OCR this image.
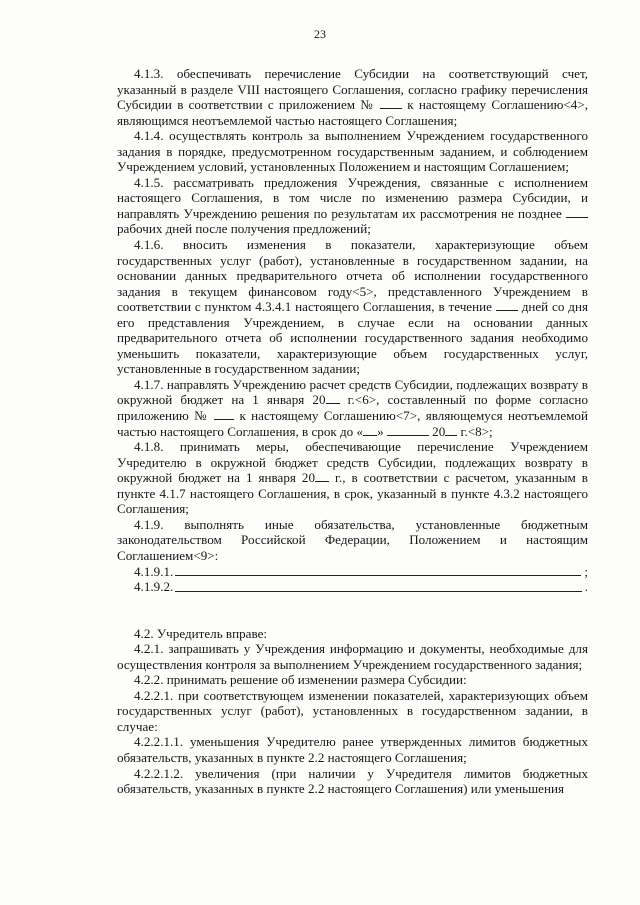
23

4.1.3. обеспечивать перечисление Субсидии на соответствующий счет, указанный в разделе VIII настоящего Соглашения, согласно графику перечисления Субсидии в соответствии с приложением № к настоящему Соглашению<4>, являющимся неотъемлемой частью настоящего Соглашения;

4.1.4. осуществлять контроль за выполнением Учреждением государственного задания в порядке, предусмотренном государственным заданием, и соблюдением Учреждением условий, установленных Положением и настоящим Соглашением;

4.1.5. рассматривать предложения Учреждения, связанные с исполнением настоящего Соглашения, в том числе по изменению размера Субсидии, и направлять Учреждению решения по результатам их рассмотрения не позднее  рабочих дней после получения предложений;

4.1.6. вносить изменения в показатели, характеризующие объем государственных услуг (работ), установленные в государственном задании, на основании данных предварительного отчета об исполнении государственного задания в текущем финансовом году<5>, представленного Учреждением в соответствии с пунктом 4.3.4.1 настоящего Соглашения, в течение дней со дня его представления Учреждением, в случае если на основании данных предварительного отчета об исполнении государственного задания необходимо уменьшить показатели, характеризующие объем государственных услуг, установленные в государственном задании;

4.1.7. направлять Учреждению расчет средств Субсидии, подлежащих возврату в окружной бюджет на 1 января 20 г.<6>, составленный по форме согласно приложению № к настоящему Соглашению<7>, являющемуся неотъемлемой частью настоящего Соглашения, в срок до « »	20 г.<8>;

4.1.8. принимать меры, обеспечивающие перечисление Учреждением Учредителю в окружной бюджет средств Субсидии, подлежащих возврату в окружной бюджет на 1 января 20 г., в соответствии с расчетом, указанным в пункте 4.1.7 настоящего Соглашения, в срок, указанный в пункте 4.3.2 настоящего Соглашения;

4.1.9. выполнять иные обязательства, установленные бюджетным законодательством Российской Федерации, Положением и настоящим Соглашением<9>:

4.1.9.1.	;

4.1.9.2.	.

4.2. Учредитель вправе:

4.2.1. запрашивать у Учреждения информацию и документы, необходимые для осуществления контроля за выполнением Учреждением государственного задания;

4.2.2. принимать решение об изменении размера Субсидии:

4.2.2.1. при соответствующем изменении показателей, характеризующих объем государственных услуг (работ), установленных в государственном задании, в случае:

4.2.2.1.1. уменьшения Учредителю ранее утвержденных лимитов бюджетных обязательств, указанных в пункте 2.2 настоящего Соглашения;

4.2.2.1.2. увеличения (при наличии у Учредителя лимитов бюджетных обязательств, указанных в пункте 2.2 настоящего Соглашения) или уменьшения
